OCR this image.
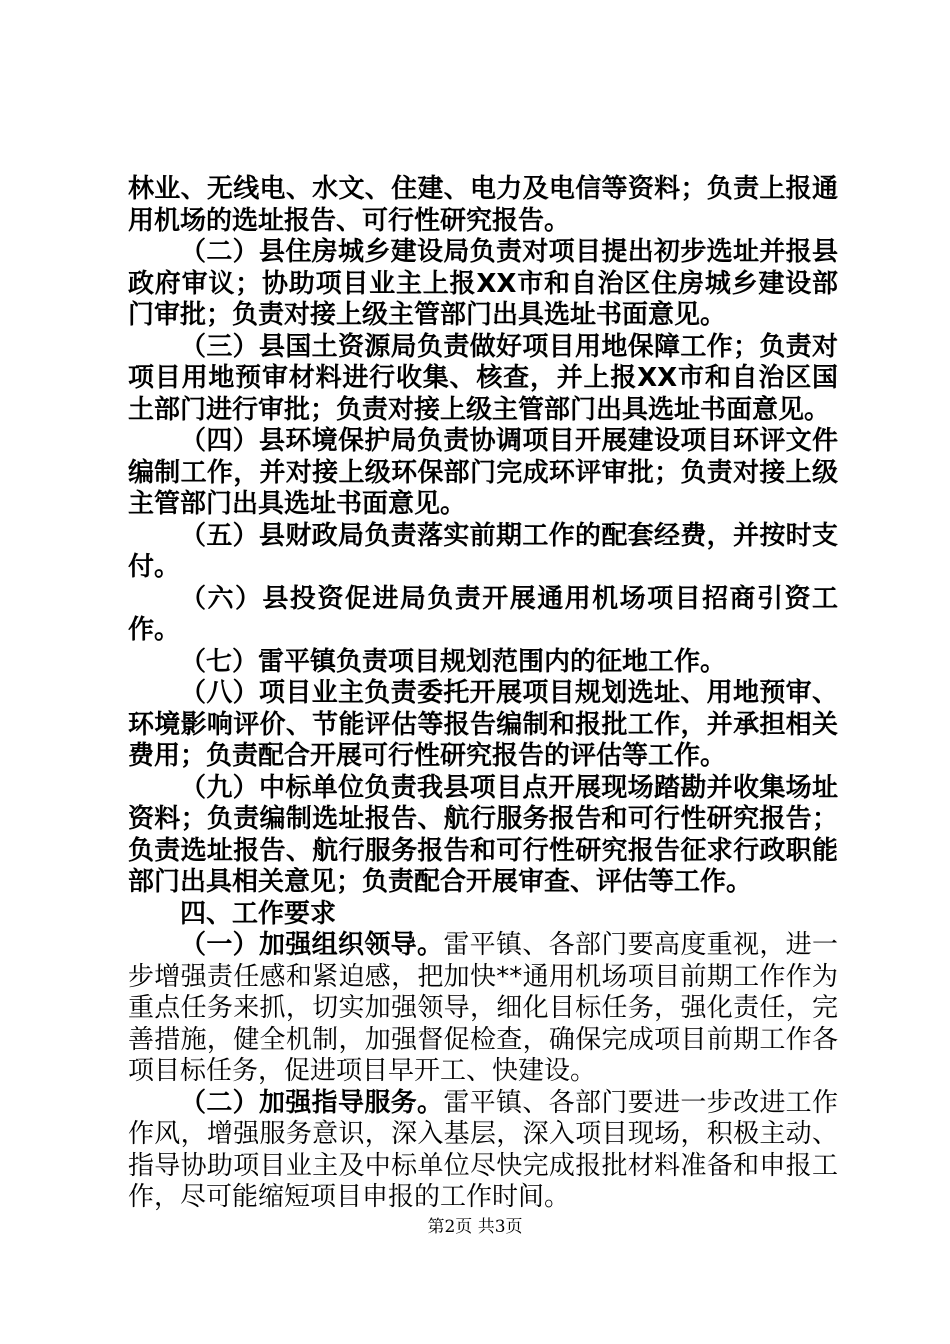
林业、无线电、水文、住建、电力及电信等资料；负责上报通用机场的选址报告、可行性研究报告。

（二）县住房城乡建设局负责对项目提出初步选址并报县政府审议；协助项目业主上报XX市和自治区住房城乡建设部门审批；负责对接上级主管部门出具选址书面意见。

（三）县国土资源局负责做好项目用地保障工作；负责对项目用地预审材料进行收集、核查，并上报XX市和自治区国土部门进行审批；负责对接上级主管部门出具选址书面意见。

（四）县环境保护局负责协调项目开展建设项目环评文件编制工作，并对接上级环保部门完成环评审批；负责对接上级主管部门出具选址书面意见。

（五）县财政局负责落实前期工作的配套经费，并按时支付。

（六）县投资促进局负责开展通用机场项目招商引资工作。

（七）雷平镇负责项目规划范围内的征地工作。

（八）项目业主负责委托开展项目规划选址、用地预审、环境影响评价、节能评估等报告编制和报批工作，并承担相关费用；负责配合开展可行性研究报告的评估等工作。

（九）中标单位负责我县项目点开展现场踏勘并收集场址资料；负责编制选址报告、航行服务报告和可行性研究报告；负责选址报告、航行服务报告和可行性研究报告征求行政职能部门出具相关意见；负责配合开展审查、评估等工作。

四、工作要求

（一）加强组织领导。雷平镇、各部门要高度重视，进一步增强责任感和紧迫感，把加快**通用机场项目前期工作作为重点任务来抓，切实加强领导，细化目标任务，强化责任，完善措施，健全机制，加强督促检查，确保完成项目前期工作各项目标任务，促进项目早开工、快建设。

（二）加强指导服务。雷平镇、各部门要进一步改进工作作风，增强服务意识，深入基层，深入项目现场，积极主动、指导协助项目业主及中标单位尽快完成报批材料准备和申报工作，尽可能缩短项目申报的工作时间。

第2页 共3页
